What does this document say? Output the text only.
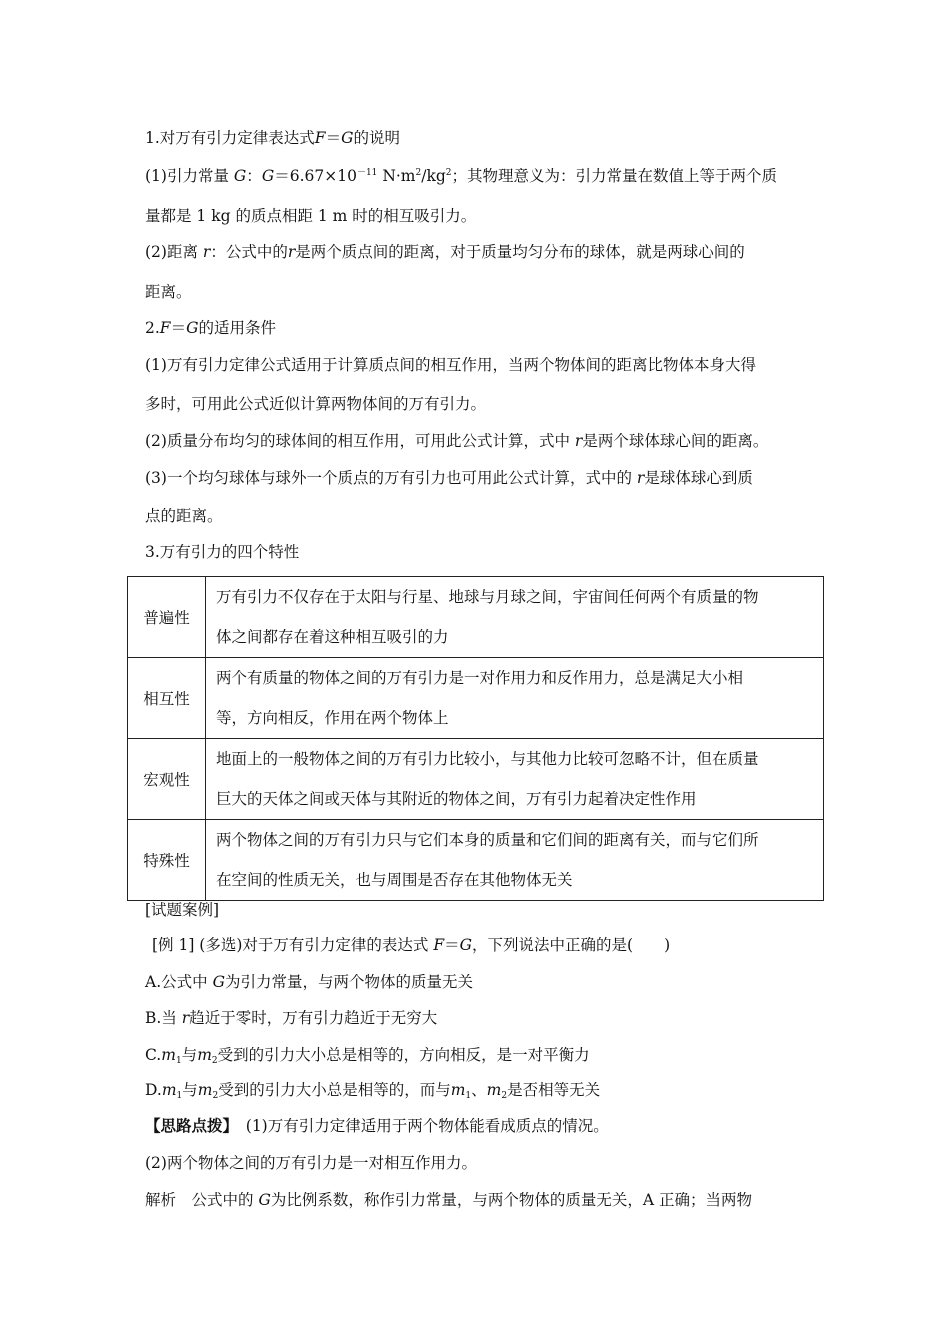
1.对万有引力定律表达式F＝G的说明
(1)引力常量 G：$G=6.67\times 10^{-11}$ $N\cdot m^2/kg^2$；其物理意义为：引力常量在数值上等于两个质
量都是 1 kg 的质点相距 1 m 时的相互吸引力。
(2)距离 r：公式中的r是两个质点间的距离，对于质量均匀分布的球体，就是两球心间的
距离。
2.F＝G的适用条件
(1)万有引力定律公式适用于计算质点间的相互作用，当两个物体间的距离比物体本身大得
多时，可用此公式近似计算两物体间的万有引力。
(2)质量分布均匀的球体间的相互作用，可用此公式计算，式中 r是两个球体球心间的距离。
(3)一个均匀球体与球外一个质点的万有引力也可用此公式计算，式中的 r是球体球心到质
点的距离。
3.万有引力的四个特性
普遍性	万有引力不仅存在于太阳与行星、地球与月球之间，宇宙间任何两个有质量的物
体之间都存在着这种相互吸引的力

相互性	两个有质量的物体之间的万有引力是一对作用力和反作用力，总是满足大小相
等，方向相反，作用在两个物体上

宏观性	地面上的一般物体之间的万有引力比较小，与其他力比较可忽略不计，但在质量
巨大的天体之间或天体与其附近的物体之间，万有引力起着决定性作用

特殊性	两个物体之间的万有引力只与它们本身的质量和它们间的距离有关，而与它们所
在空间的性质无关，也与周围是否存在其他物体无关
[试题案例]
[例 1] (多选)对于万有引力定律的表达式 F＝G，下列说法中正确的是(　　)
A.公式中 G为引力常量，与两个物体的质量无关
B.当 r趋近于零时，万有引力趋近于无穷大
$C.m_1$与$m_2$受到的引力大小总是相等的，方向相反，是一对平衡力
$D.m_1$与$m_2$受到的引力大小总是相等的，而与$m_1$、$m_2$是否相等无关
【思路点拨】　(1)万有引力定律适用于两个物体能看成质点的情况。
(2)两个物体之间的万有引力是一对相互作用力。
解析　公式中的 G为比例系数，称作引力常量，与两个物体的质量无关，A 正确；当两物
